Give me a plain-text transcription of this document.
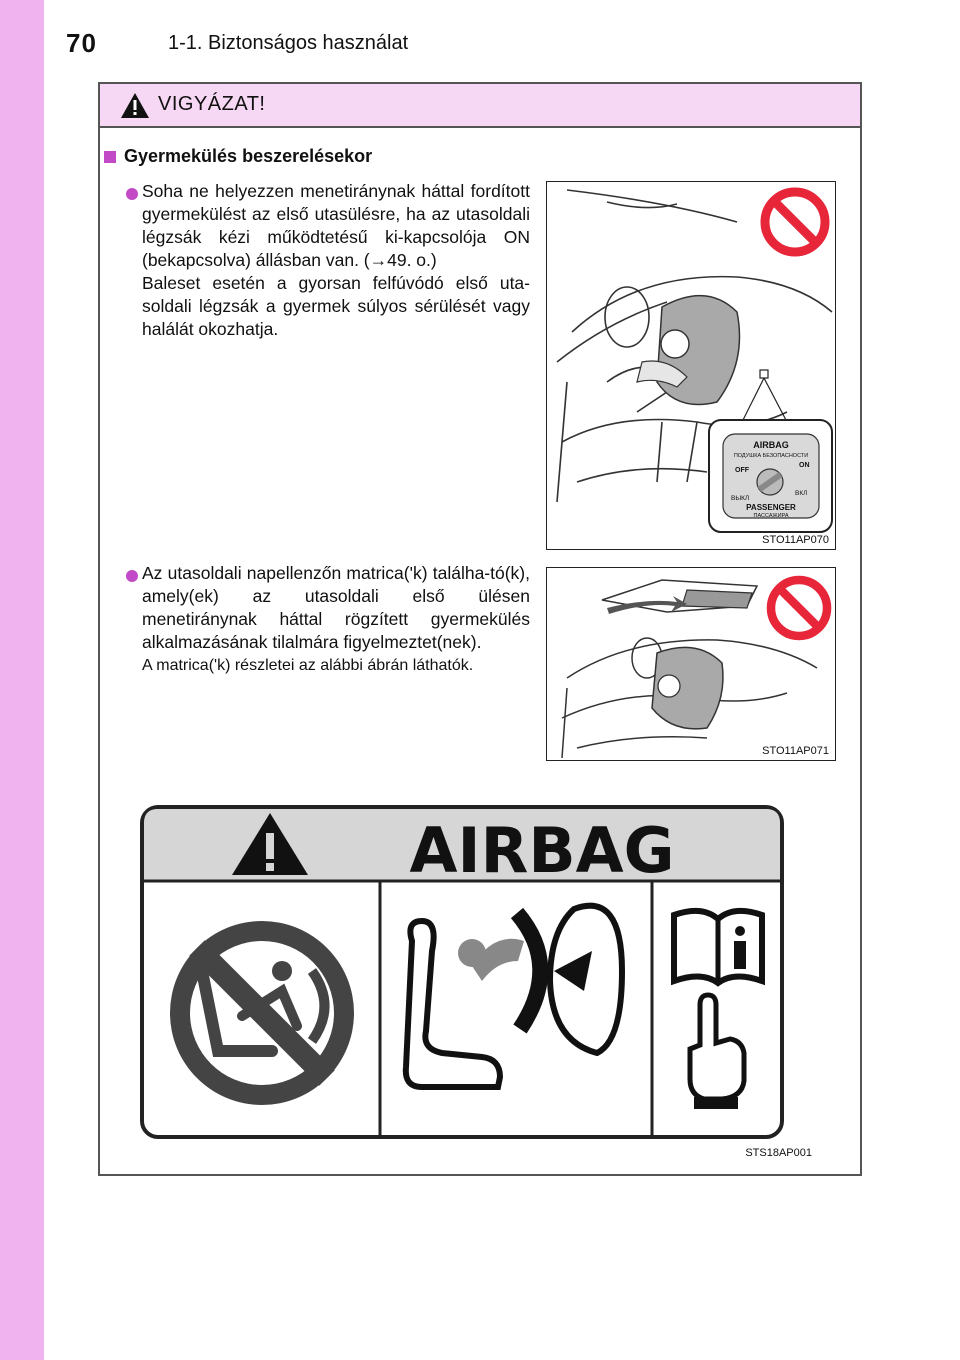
70	1-1. Biztonságos használat
VIGYÁZAT!
Gyermekülés beszerelésekor

Soha ne helyezzen menetiránynak háttal fordított gyermekülést az első utasülésre, ha az utasoldali légzsák kézi működtetésű ki-kapcsolója ON (bekapcsolva) állásban van. (→49. o.)

Baleset esetén a gyorsan felfúvódó első uta-soldali légzsák a gyermek súlyos sérülését vagy halálát okozhatja.

Az utasoldali napellenzőn matrica('k) találha-tó(k), amely(ek) az utasoldali első ülésen menetiránynak háttal rögzített gyermekülés alkalmazásának tilalmára figyelmeztet(nek).

A matrica('k) részletei az alábbi ábrán láthatók.

AIRBAG
ПОДУШКА БЕЗОПАСНОСТИ
OFF
ON
ВЫКЛ
ВКЛ
PASSENGER
ПАССАЖИРА
STO11AP070
STO11AP071
AIRBAG
STS18AP001
